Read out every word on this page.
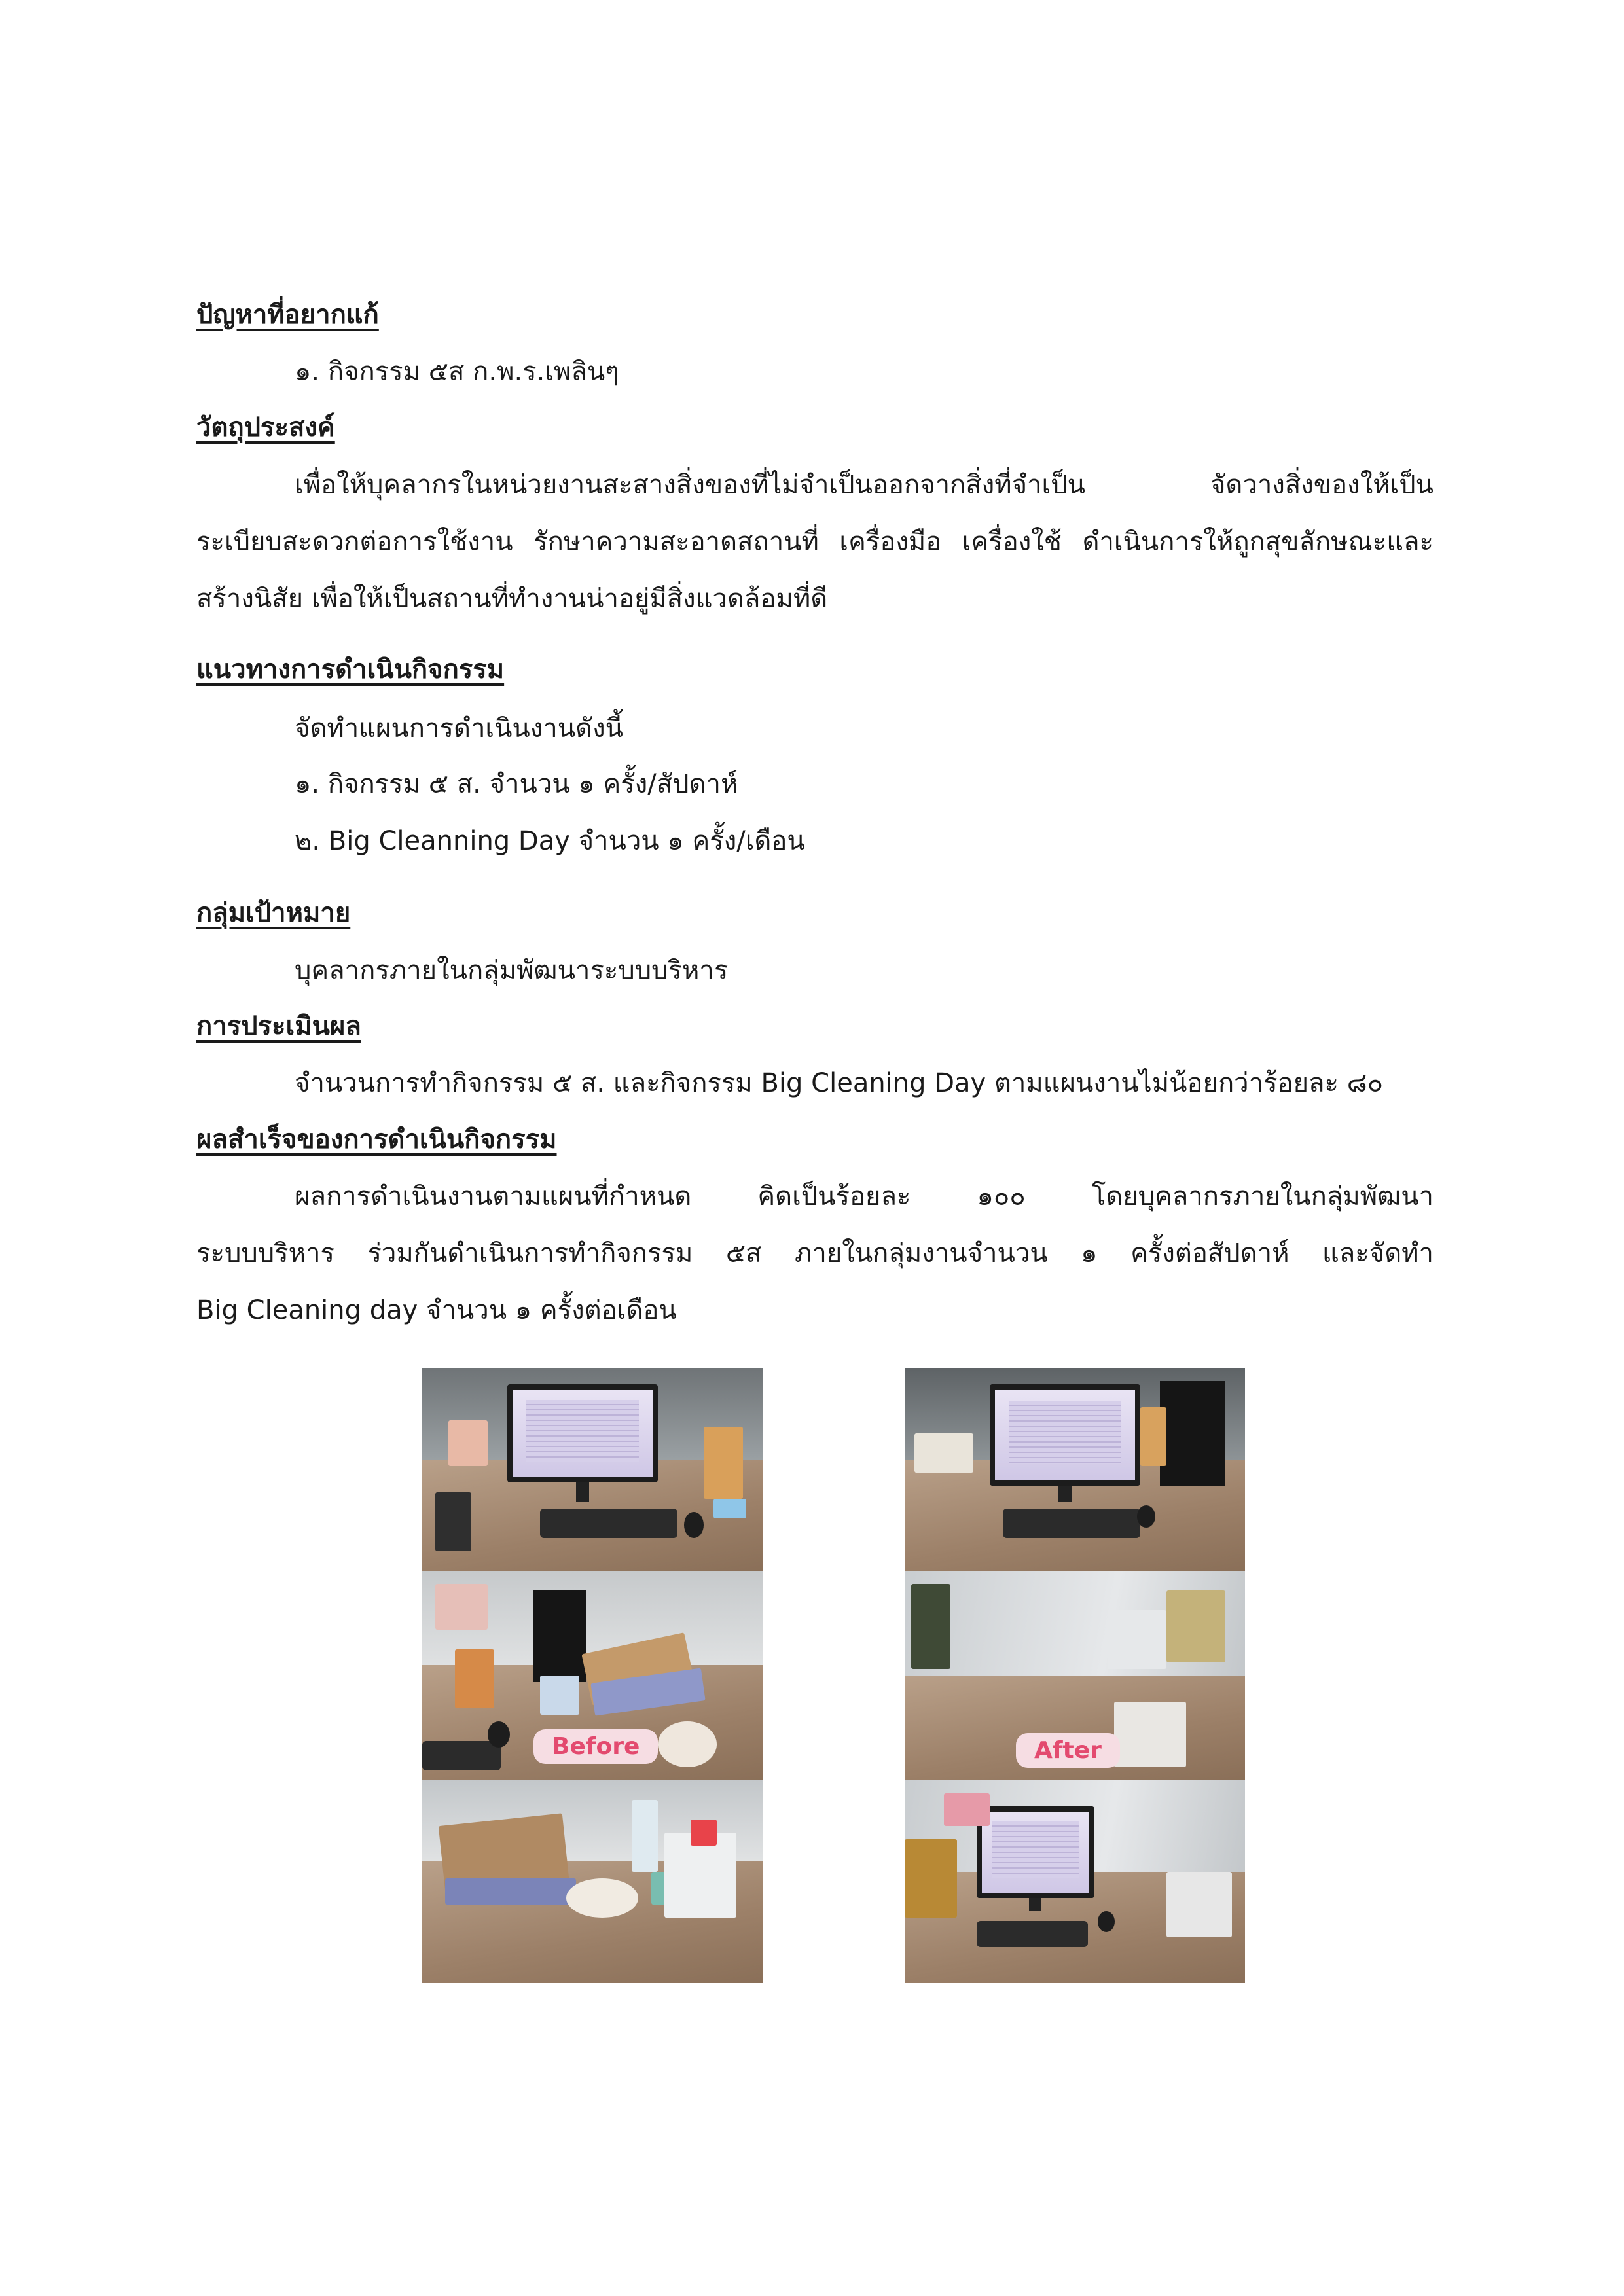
ปัญหาที่อยากแก้
๑. กิจกรรม ๕ส ก.พ.ร.เพลินๆ
วัตถุประสงค์
เพื่อให้บุคลากรในหน่วยงานสะสางสิ่งของที่ไม่จำเป็นออกจากสิ่งที่จำเป็น จัดวางสิ่งของให้เป็น
ระเบียบสะดวกต่อการใช้งาน รักษาความสะอาดสถานที่ เครื่องมือ เครื่องใช้ ดำเนินการให้ถูกสุขลักษณะและ
สร้างนิสัย เพื่อให้เป็นสถานที่ทำงานน่าอยู่มีสิ่งแวดล้อมที่ดี
แนวทางการดำเนินกิจกรรม
จัดทำแผนการดำเนินงานดังนี้
๑. กิจกรรม ๕ ส. จำนวน ๑ ครั้ง/สัปดาห์
๒. Big Cleanning Day จำนวน ๑ ครั้ง/เดือน
กลุ่มเป้าหมาย
บุคลากรภายในกลุ่มพัฒนาระบบบริหาร
การประเมินผล
จำนวนการทำกิจกรรม ๕ ส. และกิจกรรม Big Cleaning Day ตามแผนงานไม่น้อยกว่าร้อยละ ๘๐
ผลสำเร็จของการดำเนินกิจกรรม
ผลการดำเนินงานตามแผนที่กำหนด คิดเป็นร้อยละ ๑๐๐ โดยบุคลากรภายในกลุ่มพัฒนา
ระบบบริหาร ร่วมกันดำเนินการทำกิจกรรม ๕ส ภายในกลุ่มงานจำนวน ๑ ครั้งต่อสัปดาห์ และจัดทำ
Big Cleaning day จำนวน ๑ ครั้งต่อเดือน
Before	After
